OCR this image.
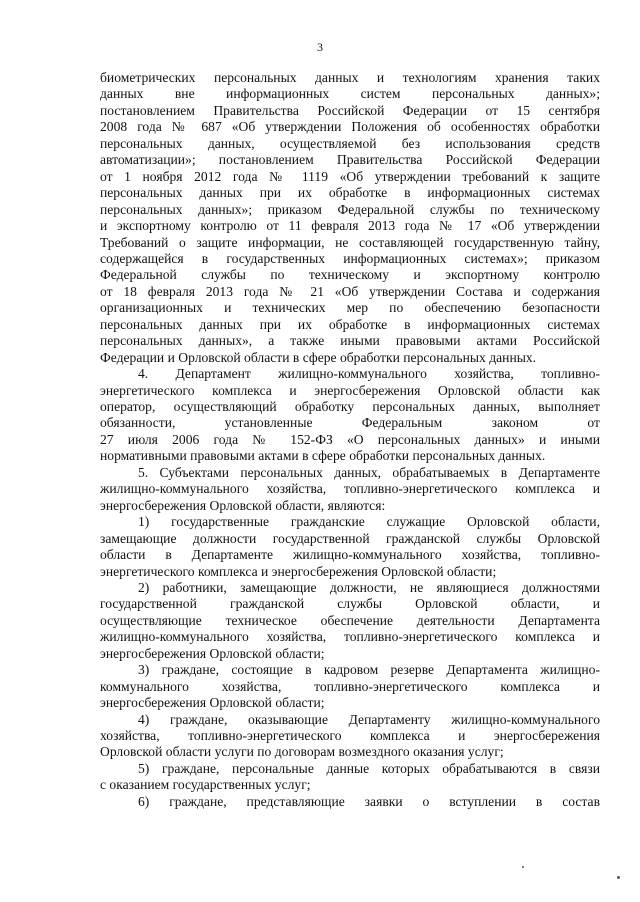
3
биометрических персональных данных и технологиям хранения таких
данных вне информационных систем персональных данных»;
постановлением Правительства Российской Федерации от 15 сентября
2008 года № 687 «Об утверждении Положения об особенностях обработки
персональных данных, осуществляемой без использования средств
автоматизации»; постановлением Правительства Российской Федерации
от 1 ноября 2012 года № 1119 «Об утверждении требований к защите
персональных данных при их обработке в информационных системах
персональных данных»; приказом Федеральной службы по техническому
и экспортному контролю от 11 февраля 2013 года № 17 «Об утверждении
Требований о защите информации, не составляющей государственную тайну,
содержащейся в государственных информационных системах»; приказом
Федеральной службы по техническому и экспортному контролю
от 18 февраля 2013 года № 21 «Об утверждении Состава и содержания
организационных и технических мер по обеспечению безопасности
персональных данных при их обработке в информационных системах
персональных данных», а также иными правовыми актами Российской
Федерации и Орловской области в сфере обработки персональных данных.
4. Департамент жилищно-коммунального хозяйства, топливно-
энергетического комплекса и энергосбережения Орловской области как
оператор, осуществляющий обработку персональных данных, выполняет
обязанности, установленные Федеральным законом от
27 июля 2006 года № 152-ФЗ «О персональных данных» и иными
нормативными правовыми актами в сфере обработки персональных данных.
5. Субъектами персональных данных, обрабатываемых в Департаменте
жилищно-коммунального хозяйства, топливно-энергетического комплекса и
энергосбережения Орловской области, являются:
1) государственные гражданские служащие Орловской области,
замещающие должности государственной гражданской службы Орловской
области в Департаменте жилищно-коммунального хозяйства, топливно-
энергетического комплекса и энергосбережения Орловской области;
2) работники, замещающие должности, не являющиеся должностями
государственной гражданской службы Орловской области, и
осуществляющие техническое обеспечение деятельности Департамента
жилищно-коммунального хозяйства, топливно-энергетического комплекса и
энергосбережения Орловской области;
3) граждане, состоящие в кадровом резерве Департамента жилищно-
коммунального хозяйства, топливно-энергетического комплекса и
энергосбережения Орловской области;
4) граждане, оказывающие Департаменту жилищно-коммунального
хозяйства, топливно-энергетического комплекса и энергосбережения
Орловской области услуги по договорам возмездного оказания услуг;
5) граждане, персональные данные которых обрабатываются в связи
с оказанием государственных услуг;
6) граждане, представляющие заявки о вступлении в состав
